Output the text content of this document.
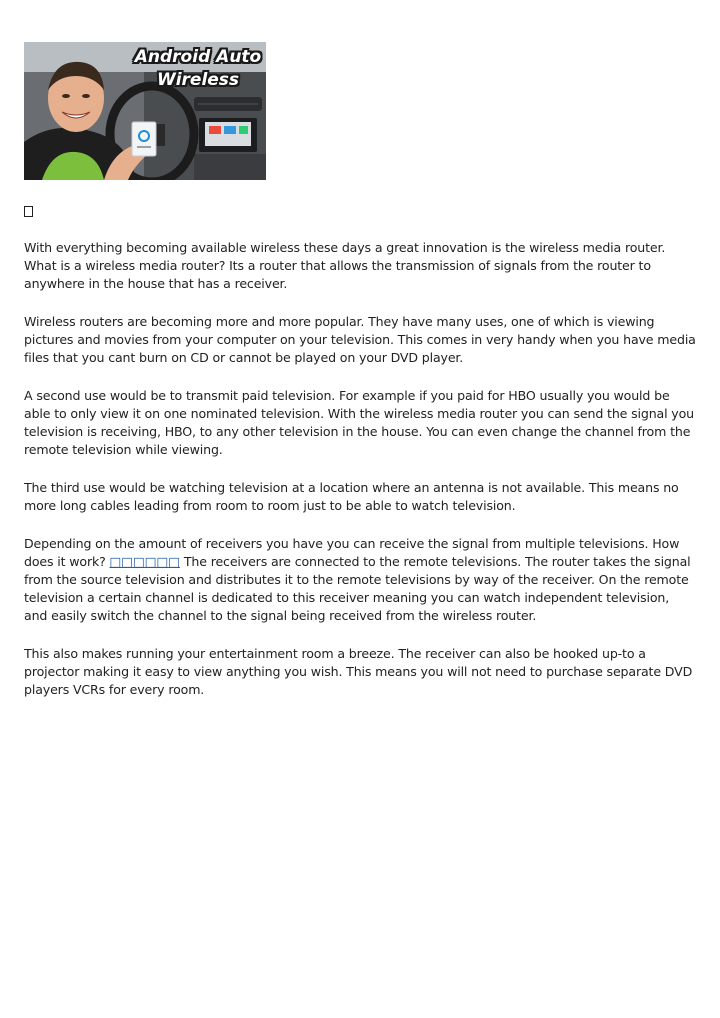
Android Auto
Wireless

With everything becoming available wireless these days a great innovation is the wireless media router. What is a wireless media router? Its a router that allows the transmission of signals from the router to anywhere in the house that has a receiver.

Wireless routers are becoming more and more popular. They have many uses, one of which is viewing pictures and movies from your computer on your television. This comes in very handy when you have media files that you cant burn on CD or cannot be played on your DVD player.

A second use would be to transmit paid television. For example if you paid for HBO usually you would be able to only view it on one nominated television. With the wireless media router you can send the signal you television is receiving, HBO, to any other television in the house. You can even change the channel from the remote television while viewing.

The third use would be watching television at a location where an antenna is not available. This means no more long cables leading from room to room just to be able to watch television.

Depending on the amount of receivers you have you can receive the signal from multiple televisions. How does it work? □□□□□□ The receivers are connected to the remote televisions. The router takes the signal from the source television and distributes it to the remote televisions by way of the receiver. On the remote television a certain channel is dedicated to this receiver meaning you can watch independent television, and easily switch the channel to the signal being received from the wireless router.

This also makes running your entertainment room a breeze. The receiver can also be hooked up-to a projector making it easy to view anything you wish. This means you will not need to purchase separate DVD players VCRs for every room.
